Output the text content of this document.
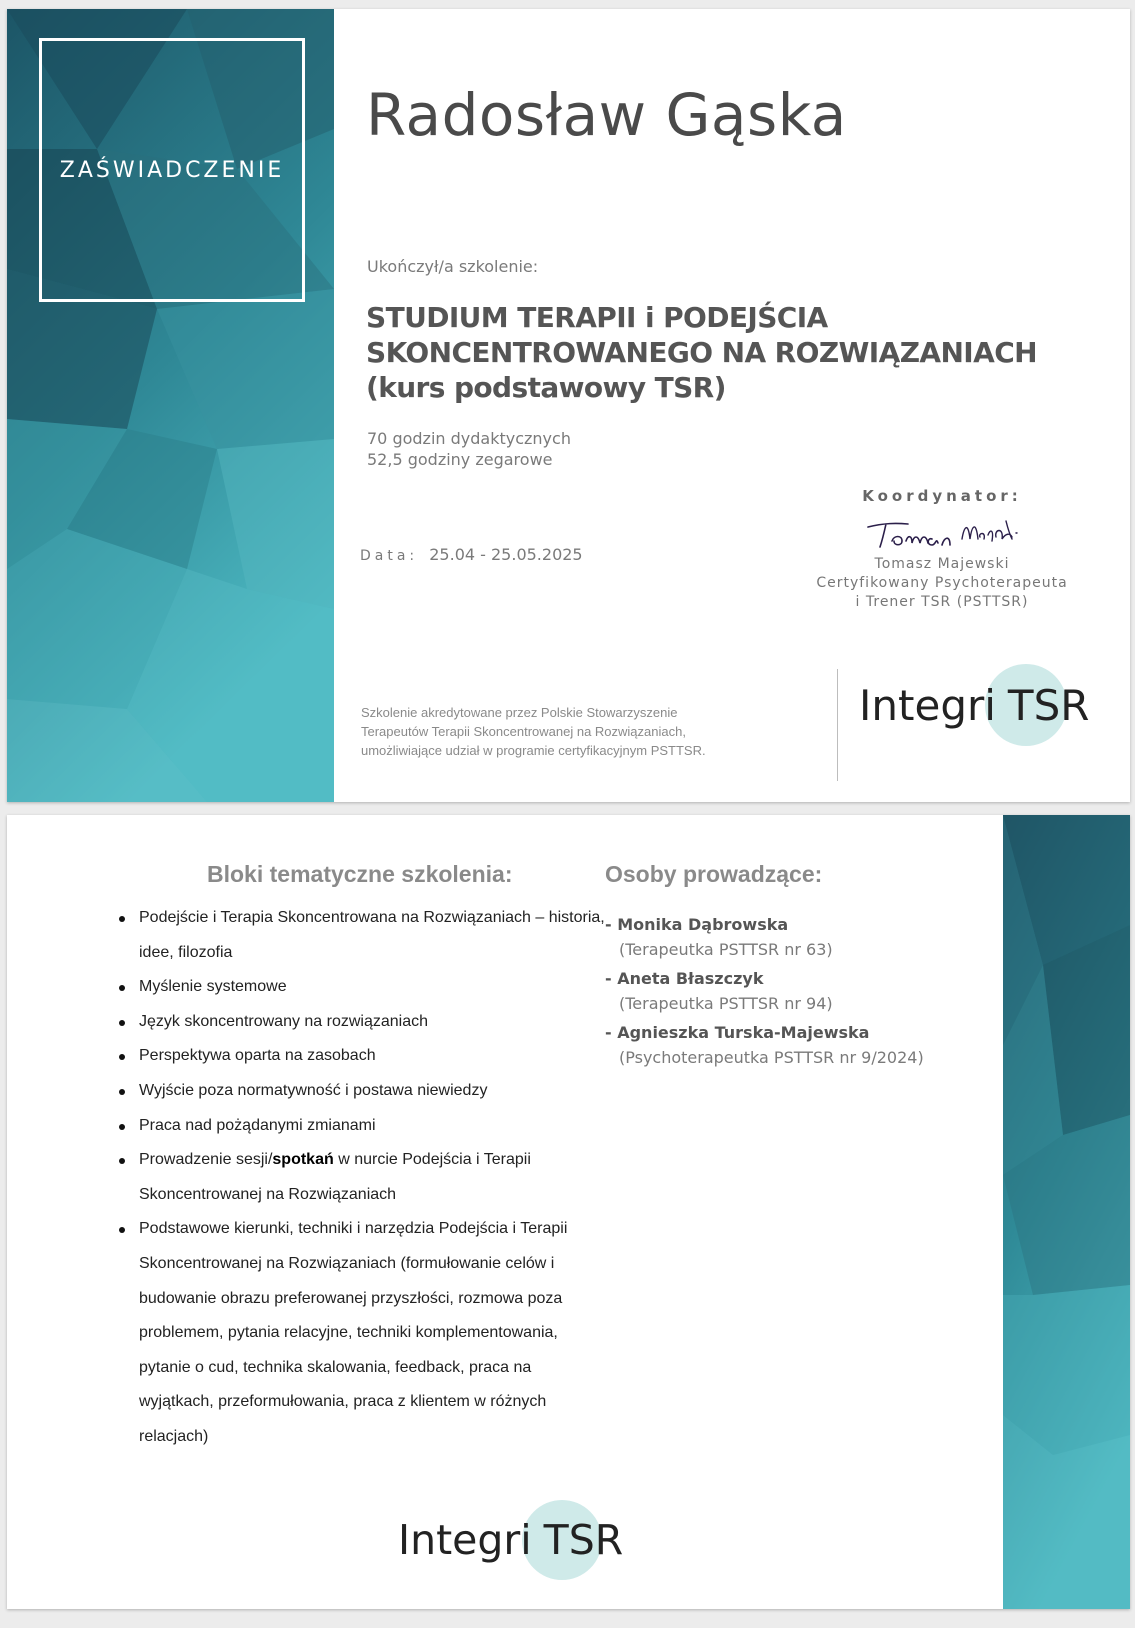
ZAŚWIADCZENIE
Radosław Gąska
Ukończył/a szkolenie:
STUDIUM TERAPII i PODEJŚCIA
SKONCENTROWANEGO NA ROZWIĄZANIACH
(kurs podstawowy TSR)
70 godzin dydaktycznych
52,5 godziny zegarowe
Data: 25.04 - 25.05.2025
Koordynator:
Tomasz Majewski
Certyfikowany Psychoterapeuta
i Trener TSR (PSTTSR)
Szkolenie akredytowane przez Polskie Stowarzyszenie
Terapeutów Terapii Skoncentrowanej na Rozwiązaniach,
umożliwiające udział w programie certyfikacyjnym PSTTSR.
Integri TSR
Bloki tematyczne szkolenia:
Podejście i Terapia Skoncentrowana na Rozwiązaniach – historia, idee, filozofia
Myślenie systemowe
Język skoncentrowany na rozwiązaniach
Perspektywa oparta na zasobach
Wyjście poza normatywność i postawa niewiedzy
Praca nad pożądanymi zmianami
Prowadzenie sesji/spotkań w nurcie Podejścia i Terapii Skoncentrowanej na Rozwiązaniach
Podstawowe kierunki, techniki i narzędzia Podejścia i Terapii Skoncentrowanej na Rozwiązaniach (formułowanie celów i budowanie obrazu preferowanej przyszłości, rozmowa poza problemem, pytania relacyjne, techniki komplementowania, pytanie o cud, technika skalowania, feedback, praca na wyjątkach, przeformułowania, praca z klientem w różnych relacjach)
Osoby prowadzące:
- Monika Dąbrowska
(Terapeutka PSTTSR nr 63)
- Aneta Błaszczyk
(Terapeutka PSTTSR nr 94)
- Agnieszka Turska-Majewska
(Psychoterapeutka PSTTSR nr 9/2024)
Integri TSR
